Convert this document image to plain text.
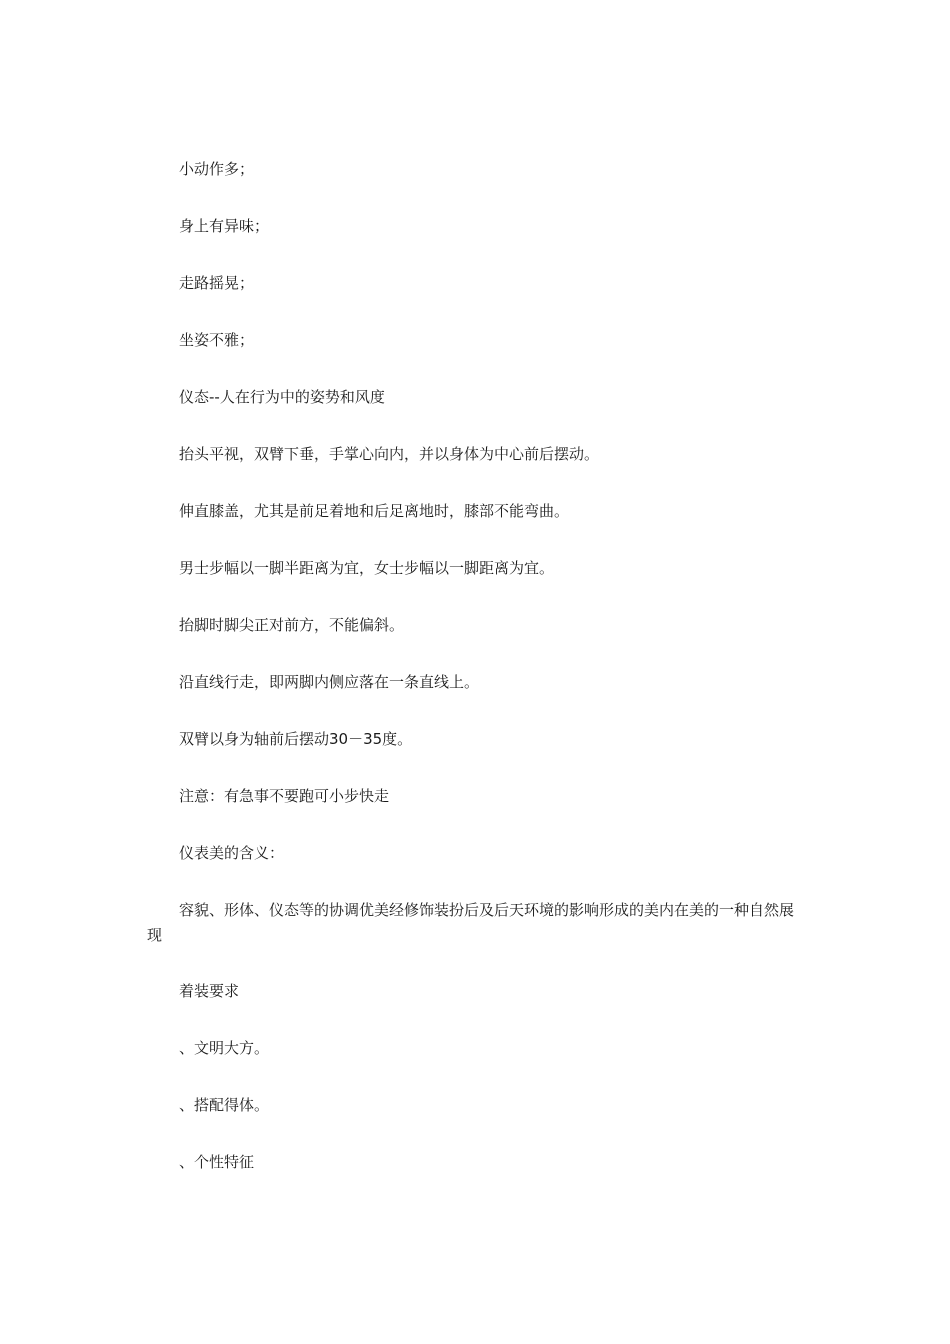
小动作多；

身上有异味；

走路摇晃；

坐姿不雅；

仪态--人在行为中的姿势和风度

抬头平视，双臂下垂，手掌心向内，并以身体为中心前后摆动。

伸直膝盖，尤其是前足着地和后足离地时，膝部不能弯曲。

男士步幅以一脚半距离为宜，女士步幅以一脚距离为宜。

抬脚时脚尖正对前方，不能偏斜。

沿直线行走，即两脚内侧应落在一条直线上。

双臂以身为轴前后摆动30－35度。

注意：有急事不要跑可小步快走

仪表美的含义：

容貌、形体、仪态等的协调优美经修饰装扮后及后天环境的影响形成的美内在美的一种自然展现

着装要求

、文明大方。

、搭配得体。

、个性特征
